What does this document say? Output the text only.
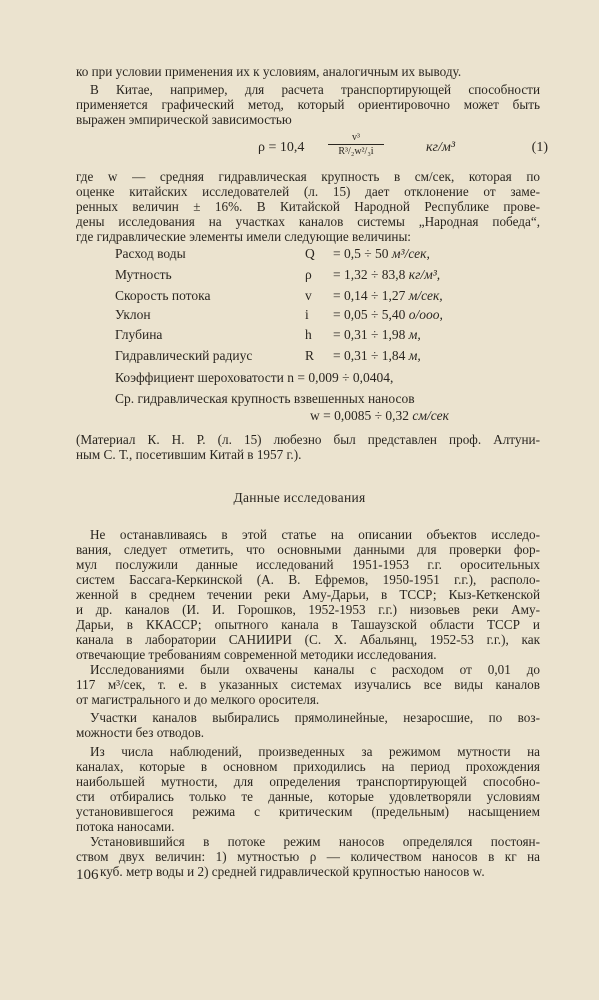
ко при условии применения их к условиям, аналогичным их выводу.
В Китае, например, для расчета транспортирующей способности
применяется графический метод, который ориентировочно может быть
выражен эмпирической зависимостью
ρ = 10,4
v³
R³/₂w²/₃i	кг/м³	(1)
где w — средняя гидравлическая крупность в см/сек, которая по
оценке китайских исследователей (л. 15) дает отклонение от заме-
ренных величин ± 16%. В Китайской Народной Республике прове-
дены исследования на участках каналов системы „Народная победа“,
где гидравлические элементы имели следующие величины:
Расход воды	Q = 0,5 ÷ 50 м³/сек,
Мутность	ρ = 1,32 ÷ 83,8 кг/м³,
Скорость потока	v = 0,14 ÷ 1,27 м/сек,
Уклон	i = 0,05 ÷ 5,40 о/ооо,
Глубина	h = 0,31 ÷ 1,98 м,
Гидравлический радиус	R = 0,31 ÷ 1,84 м,
Коэффициент шероховатости n = 0,009 ÷ 0,0404,
Ср. гидравлическая крупность взвешенных наносов
w = 0,0085 ÷ 0,32 см/сек
(Материал К. Н. Р. (л. 15) любезно был представлен проф. Алтуни-
ным С. Т., посетившим Китай в 1957 г.).
Данные исследования
Не останавливаясь в этой статье на описании объектов исследо-
вания, следует отметить, что основными данными для проверки фор-
мул послужили данные исследований 1951-1953 г.г. оросительных
систем Бассага-Керкинской (А. В. Ефремов, 1950-1951 г.г.), располо-
женной в среднем течении реки Аму-Дарьи, в ТССР; Кыз-Кеткенской
и др. каналов (И. И. Горошков, 1952-1953 г.г.) низовьев реки Аму-
Дарьи, в ККАССР; опытного канала в Ташаузской области ТССР и
канала в лаборатории САНИИРИ (С. Х. Абальянц, 1952-53 г.г.), как
отвечающие требованиям современной методики исследования.
Исследованиями были охвачены каналы с расходом от 0,01 до
117 м³/сек, т. е. в указанных системах изучались все виды каналов
от магистрального и до мелкого оросителя.
Участки каналов выбирались прямолинейные, незаросшие, по воз-
можности без отводов.
Из числа наблюдений, произведенных за режимом мутности на
каналах, которые в основном приходились на период прохождения
наибольшей мутности, для определения транспортирующей способно-
сти отбирались только те данные, которые удовлетворяли условиям
установившегося режима с критическим (предельным) насыщением
потока наносами.
Установившийся в потоке режим наносов определялся постоян-
ством двух величин: 1) мутностью ρ — количеством наносов в кг на
куб. метр воды и 2) средней гидравлической крупностью наносов w.
106
